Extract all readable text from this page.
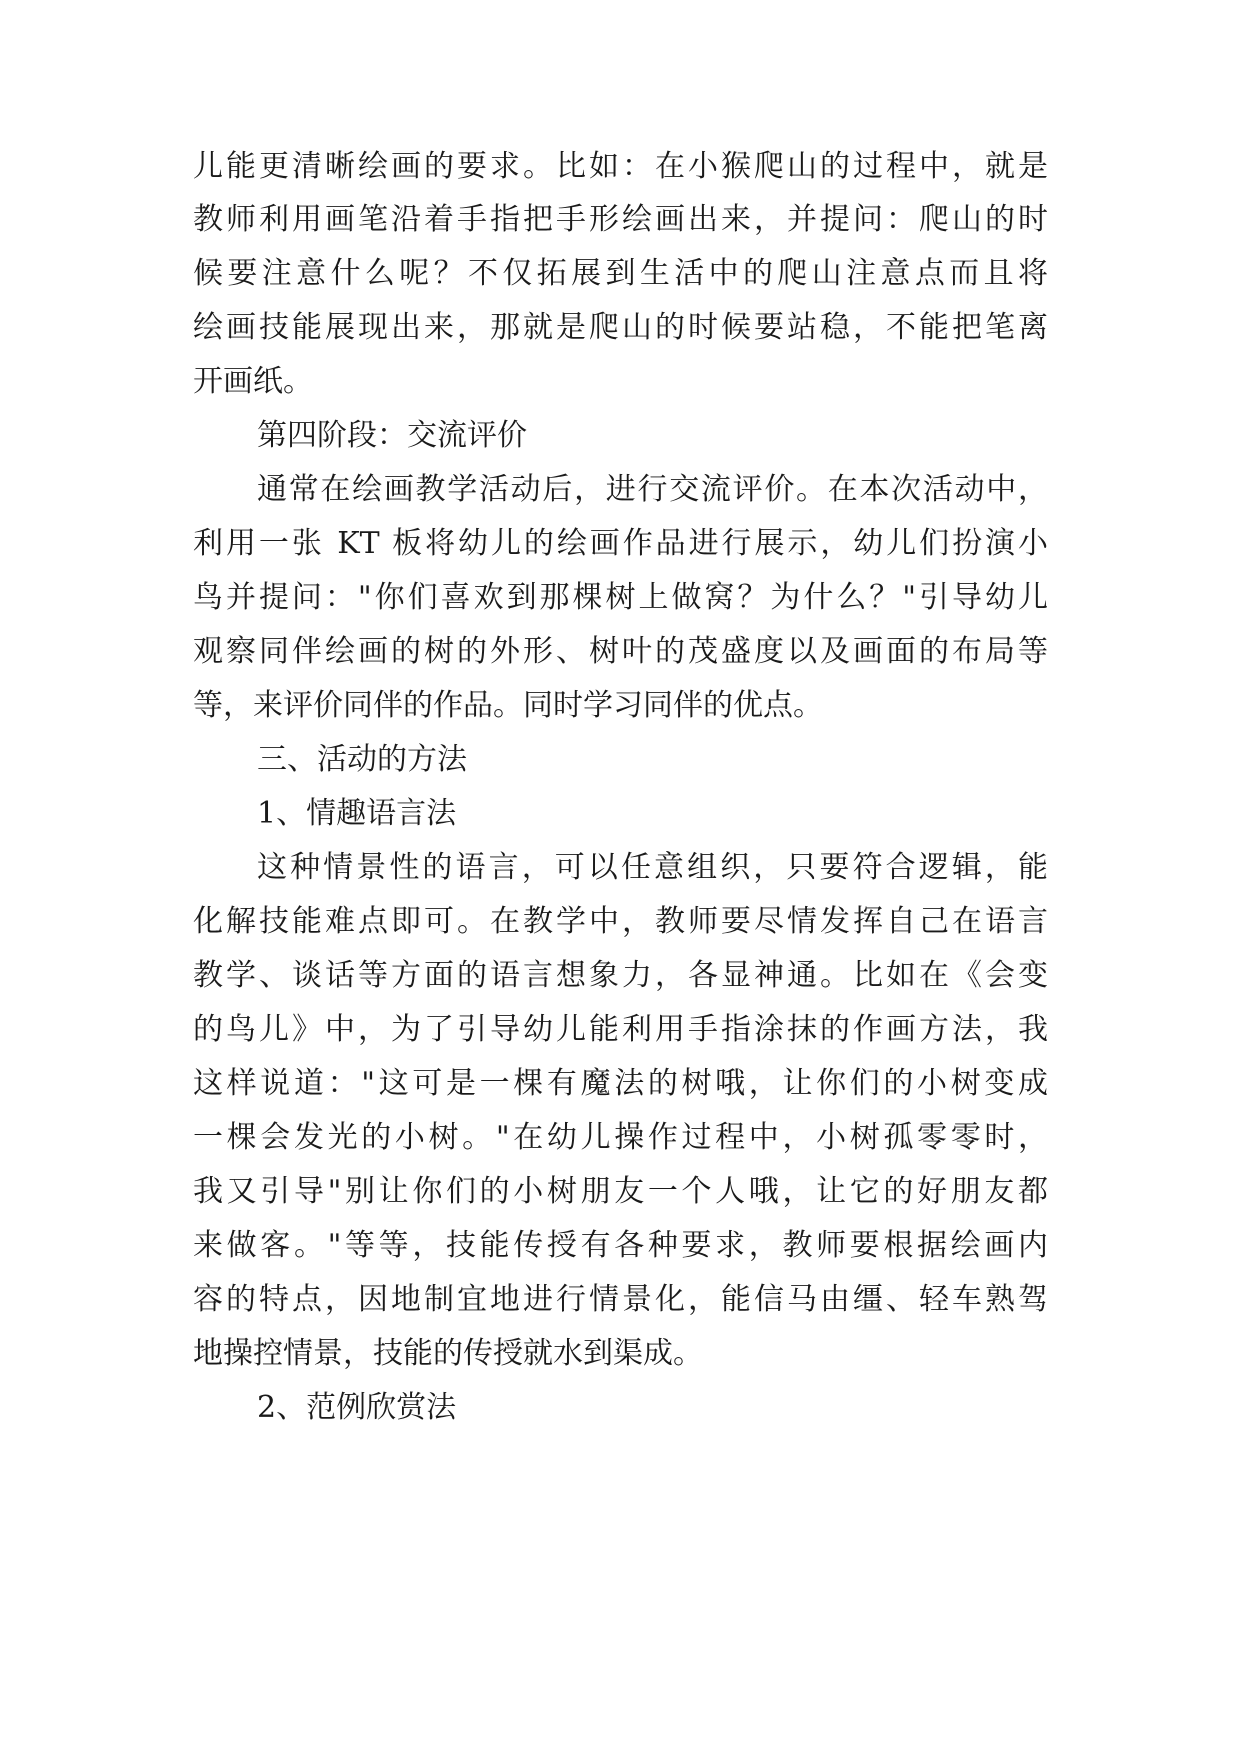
儿能更清晰绘画的要求。比如：在小猴爬山的过程中，就是
教师利用画笔沿着手指把手形绘画出来，并提问：爬山的时
候要注意什么呢？不仅拓展到生活中的爬山注意点而且将
绘画技能展现出来，那就是爬山的时候要站稳，不能把笔离
开画纸。
第四阶段：交流评价
通常在绘画教学活动后，进行交流评价。在本次活动中，
利用一张 KT 板将幼儿的绘画作品进行展示，幼儿们扮演小
鸟并提问："你们喜欢到那棵树上做窝？为什么？"引导幼儿
观察同伴绘画的树的外形、树叶的茂盛度以及画面的布局等
等，来评价同伴的作品。同时学习同伴的优点。
三、活动的方法
1、情趣语言法
这种情景性的语言，可以任意组织，只要符合逻辑，能
化解技能难点即可。在教学中，教师要尽情发挥自己在语言
教学、谈话等方面的语言想象力，各显神通。比如在《会变
的鸟儿》中，为了引导幼儿能利用手指涂抹的作画方法，我
这样说道："这可是一棵有魔法的树哦，让你们的小树变成
一棵会发光的小树。"在幼儿操作过程中，小树孤零零时，
我又引导"别让你们的小树朋友一个人哦，让它的好朋友都
来做客。"等等，技能传授有各种要求，教师要根据绘画内
容的特点，因地制宜地进行情景化，能信马由缰、轻车熟驾
地操控情景，技能的传授就水到渠成。
2、范例欣赏法
